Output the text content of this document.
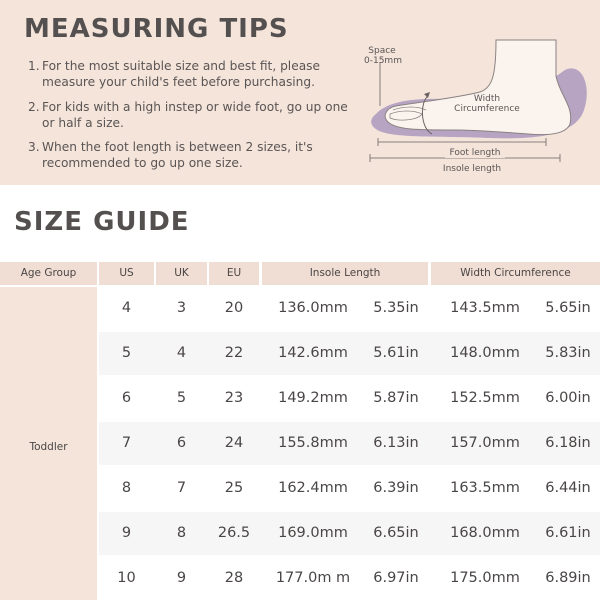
MEASURING TIPS
1. For the most suitable size and best fit, please measure your child's feet before purchasing.
2. For kids with a high instep or wide foot, go up one or half a size.
3. When the foot length is between 2 sizes, it's recommended to go up one size.
Space
0-15mm
Width
Circumference
Foot length
Insole length
SIZE GUIDE
Age Group	US	UK	EU	Insole Length	Width Circumference
Toddler
4	3	20	136.0mm	5.35in	143.5mm	5.65in
5	4	22	142.6mm	5.61in	148.0mm	5.83in
6	5	23	149.2mm	5.87in	152.5mm	6.00in
7	6	24	155.8mm	6.13in	157.0mm	6.18in
8	7	25	162.4mm	6.39in	163.5mm	6.44in
9	8	26.5	169.0mm	6.65in	168.0mm	6.61in
10	9	28	177.0m m	6.97in	175.0mm	6.89in
